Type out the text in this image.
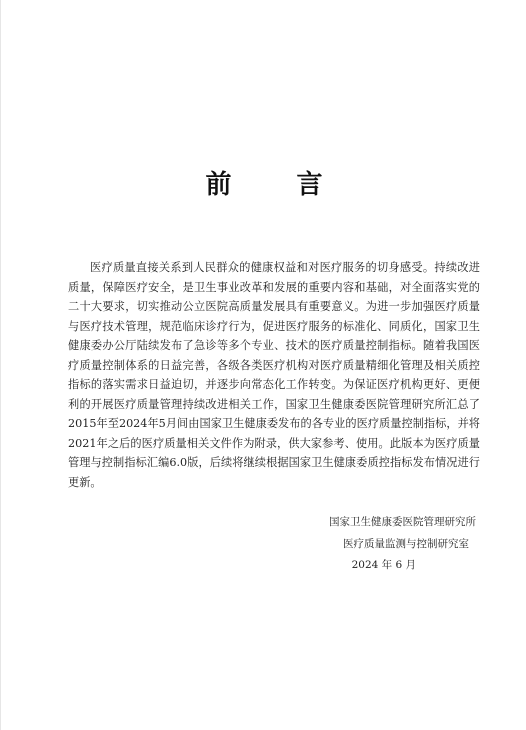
前 言

医疗质量直接关系到人民群众的健康权益和对医疗服务的切身感受。持续改进质量，保障医疗安全，是卫生事业改革和发展的重要内容和基础，对全面落实党的二十大要求，切实推动公立医院高质量发展具有重要意义。为进一步加强医疗质量与医疗技术管理，规范临床诊疗行为，促进医疗服务的标准化、同质化，国家卫生健康委办公厅陆续发布了急诊等多个专业、技术的医疗质量控制指标。随着我国医疗质量控制体系的日益完善，各级各类医疗机构对医疗质量精细化管理及相关质控指标的落实需求日益迫切，并逐步向常态化工作转变。为保证医疗机构更好、更便利的开展医疗质量管理持续改进相关工作，国家卫生健康委医院管理研究所汇总了2015年至2024年5月间由国家卫生健康委发布的各专业的医疗质量控制指标，并将2021年之后的医疗质量相关文件作为附录，供大家参考、使用。此版本为医疗质量管理与控制指标汇编6.0版，后续将继续根据国家卫生健康委质控指标发布情况进行更新。

国家卫生健康委医院管理研究所
医疗质量监测与控制研究室
2024 年 6 月
